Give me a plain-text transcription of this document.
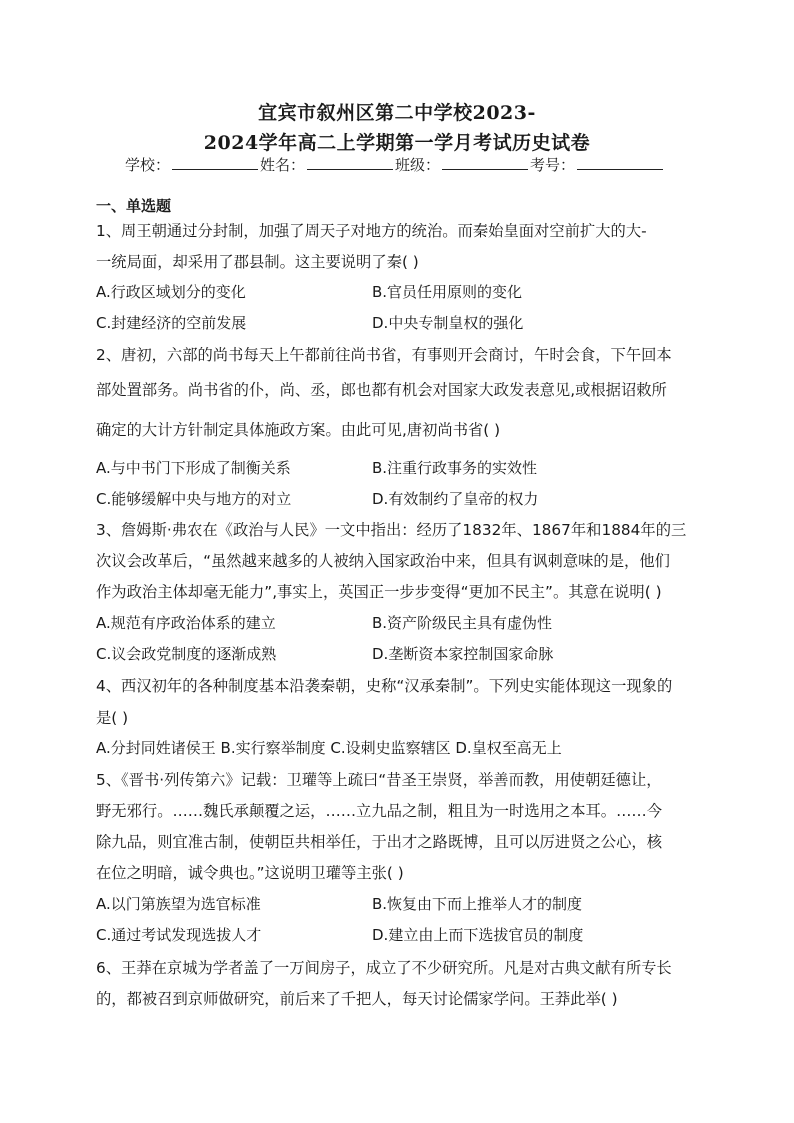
宜宾市叙州区第二中学校2023-
2024学年高二上学期第一学月考试历史试卷
学校：	姓名：	班级：	考号：
一、单选题
1、周王朝通过分封制，加强了周天子对地方的统治。而秦始皇面对空前扩大的大-
一统局面，却采用了郡县制。这主要说明了秦( )
A.行政区域划分的变化	B.官员任用原则的变化
C.封建经济的空前发展	D.中央专制皇权的强化
2、唐初，六部的尚书每天上午都前往尚书省，有事则开会商讨，午时会食，下午回本
部处置部务。尚书省的仆，尚、丞，郎也都有机会对国家大政发表意见,或根据诏敕所
确定的大计方针制定具体施政方案。由此可见,唐初尚书省( )
A.与中书门下形成了制衡关系	B.注重行政事务的实效性
C.能够缓解中央与地方的对立	D.有效制约了皇帝的权力
3、詹姆斯·弗农在《政治与人民》一文中指出：经历了1832年、1867年和1884年的三
次议会改革后，“虽然越来越多的人被纳入国家政治中来，但具有讽刺意味的是，他们
作为政治主体却毫无能力”,事实上，英国正一步步变得“更加不民主”。其意在说明( )
A.规范有序政治体系的建立	B.资产阶级民主具有虚伪性
C.议会政党制度的逐渐成熟	D.垄断资本家控制国家命脉
4、西汉初年的各种制度基本沿袭秦朝，史称“汉承秦制”。下列史实能体现这一现象的
是( )
A.分封同姓诸侯王 B.实行察举制度 C.设刺史监察辖区 D.皇权至高无上
5、《晋书·列传第六》记载：卫瓘等上疏曰“昔圣王崇贤，举善而教，用使朝廷德让，
野无邪行。……魏氏承颠覆之运，……立九品之制，粗且为一时选用之本耳。……今
除九品，则宜准古制，使朝臣共相举任，于出才之路既博，且可以厉进贤之公心，核
在位之明暗，诚令典也。”这说明卫瓘等主张( )
A.以门第族望为选官标准	B.恢复由下而上推举人才的制度
C.通过考试发现选拔人才	D.建立由上而下选拔官员的制度
6、王莽在京城为学者盖了一万间房子，成立了不少研究所。凡是对古典文献有所专长
的，都被召到京师做研究，前后来了千把人，每天讨论儒家学问。王莽此举( )
